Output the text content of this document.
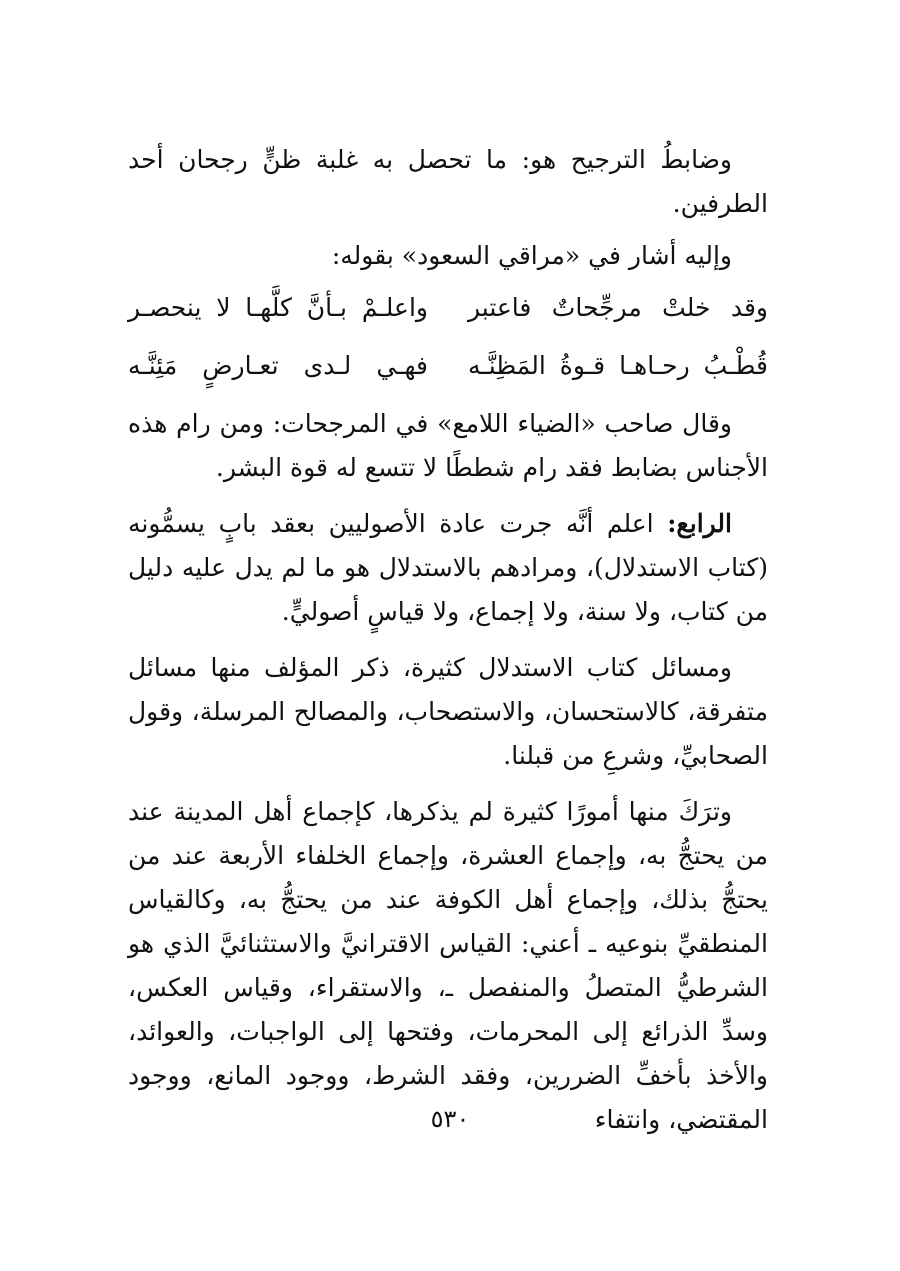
وضابطُ الترجيح هو: ما تحصل به غلبة ظنٍّ رجحان أحد الطرفين.

وإليه أشار في «مراقي السعود» بقوله:

وقد خلتْ مرجِّحاتٌ فاعتبر
واعلـمْ بـأنَّ كلَّهـا لا ينحصـر
قُطْـبُ رحـاهـا قـوةُ المَظِنَّـه
فهـي لـدى تعـارضٍ مَئِنَّـه

وقال صاحب «الضياء اللامع» في المرجحات: ومن رام هذه الأجناس بضابط فقد رام شططًا لا تتسع له قوة البشر.

الرابع: اعلم أنَّه جرت عادة الأصوليين بعقد بابٍ يسمُّونه (كتاب الاستدلال)، ومرادهم بالاستدلال هو ما لم يدل عليه دليل من كتاب، ولا سنة، ولا إجماع، ولا قياسٍ أصوليٍّ.

ومسائل كتاب الاستدلال كثيرة، ذكر المؤلف منها مسائل متفرقة، كالاستحسان، والاستصحاب، والمصالح المرسلة، وقول الصحابيِّ، وشرعِ من قبلنا.

وترَكَ منها أمورًا كثيرة لم يذكرها، كإجماع أهل المدينة عند من يحتجُّ به، وإجماع العشرة، وإجماع الخلفاء الأربعة عند من يحتجُّ بذلك، وإجماع أهل الكوفة عند من يحتجُّ به، وكالقياس المنطقيِّ بنوعيه ـ أعني: القياس الاقترانيَّ والاستثنائيَّ الذي هو الشرطيُّ المتصلُ والمنفصل ـ، والاستقراء، وقياس العكس، وسدِّ الذرائع إلى المحرمات، وفتحها إلى الواجبات، والعوائد، والأخذ بأخفِّ الضررين، وفقد الشرط، ووجود المانع، ووجود المقتضي، وانتفاء

٥٣٠
